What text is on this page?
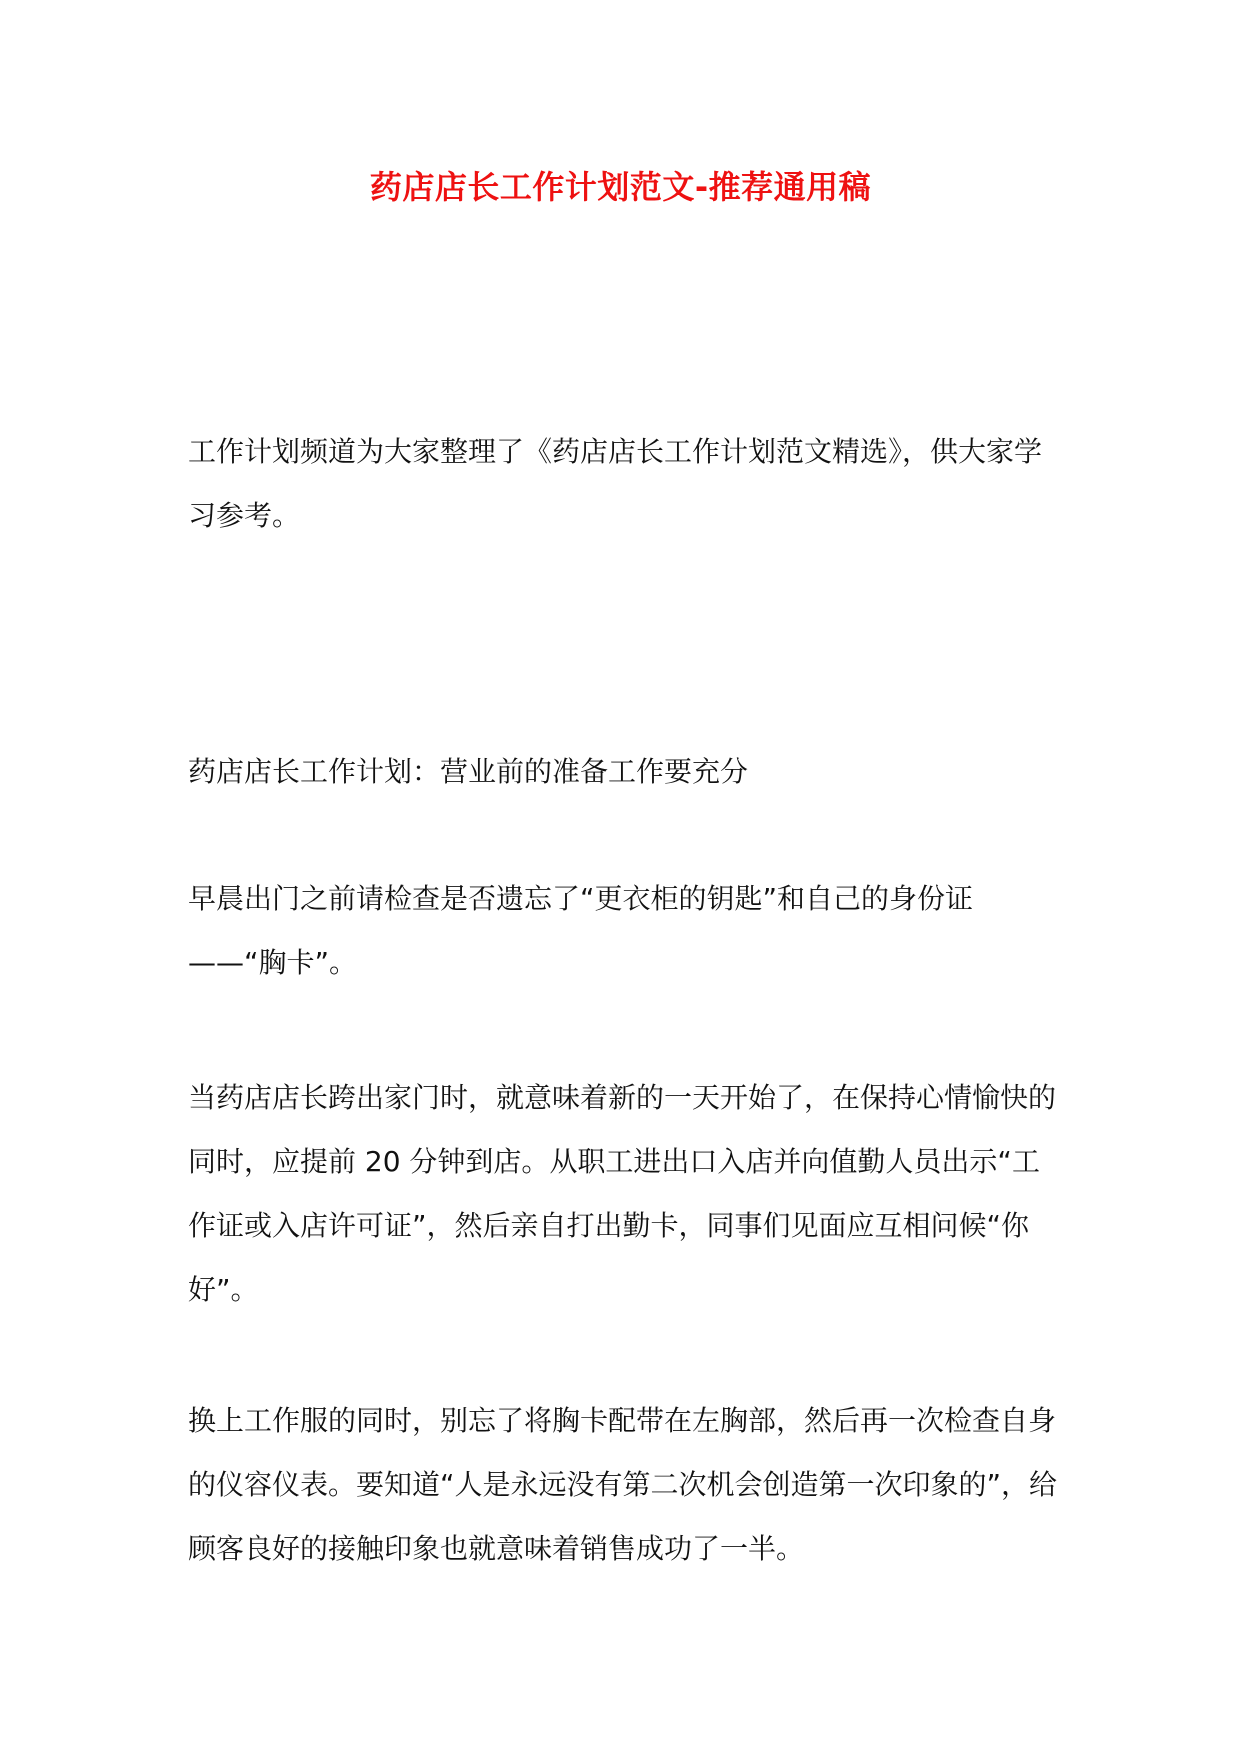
药店店长工作计划范文-推荐通用稿

工作计划频道为大家整理了《药店店长工作计划范文精选》，供大家学习参考。

药店店长工作计划：营业前的准备工作要充分

早晨出门之前请检查是否遗忘了“更衣柜的钥匙”和自己的身份证——“胸卡”。

当药店店长跨出家门时，就意味着新的一天开始了，在保持心情愉快的同时，应提前 20 分钟到店。从职工进出口入店并向值勤人员出示“工作证或入店许可证”，然后亲自打出勤卡，同事们见面应互相问候“你好”。

换上工作服的同时，别忘了将胸卡配带在左胸部，然后再一次检查自身的仪容仪表。要知道“人是永远没有第二次机会创造第一次印象的”，给顾客良好的接触印象也就意味着销售成功了一半。
